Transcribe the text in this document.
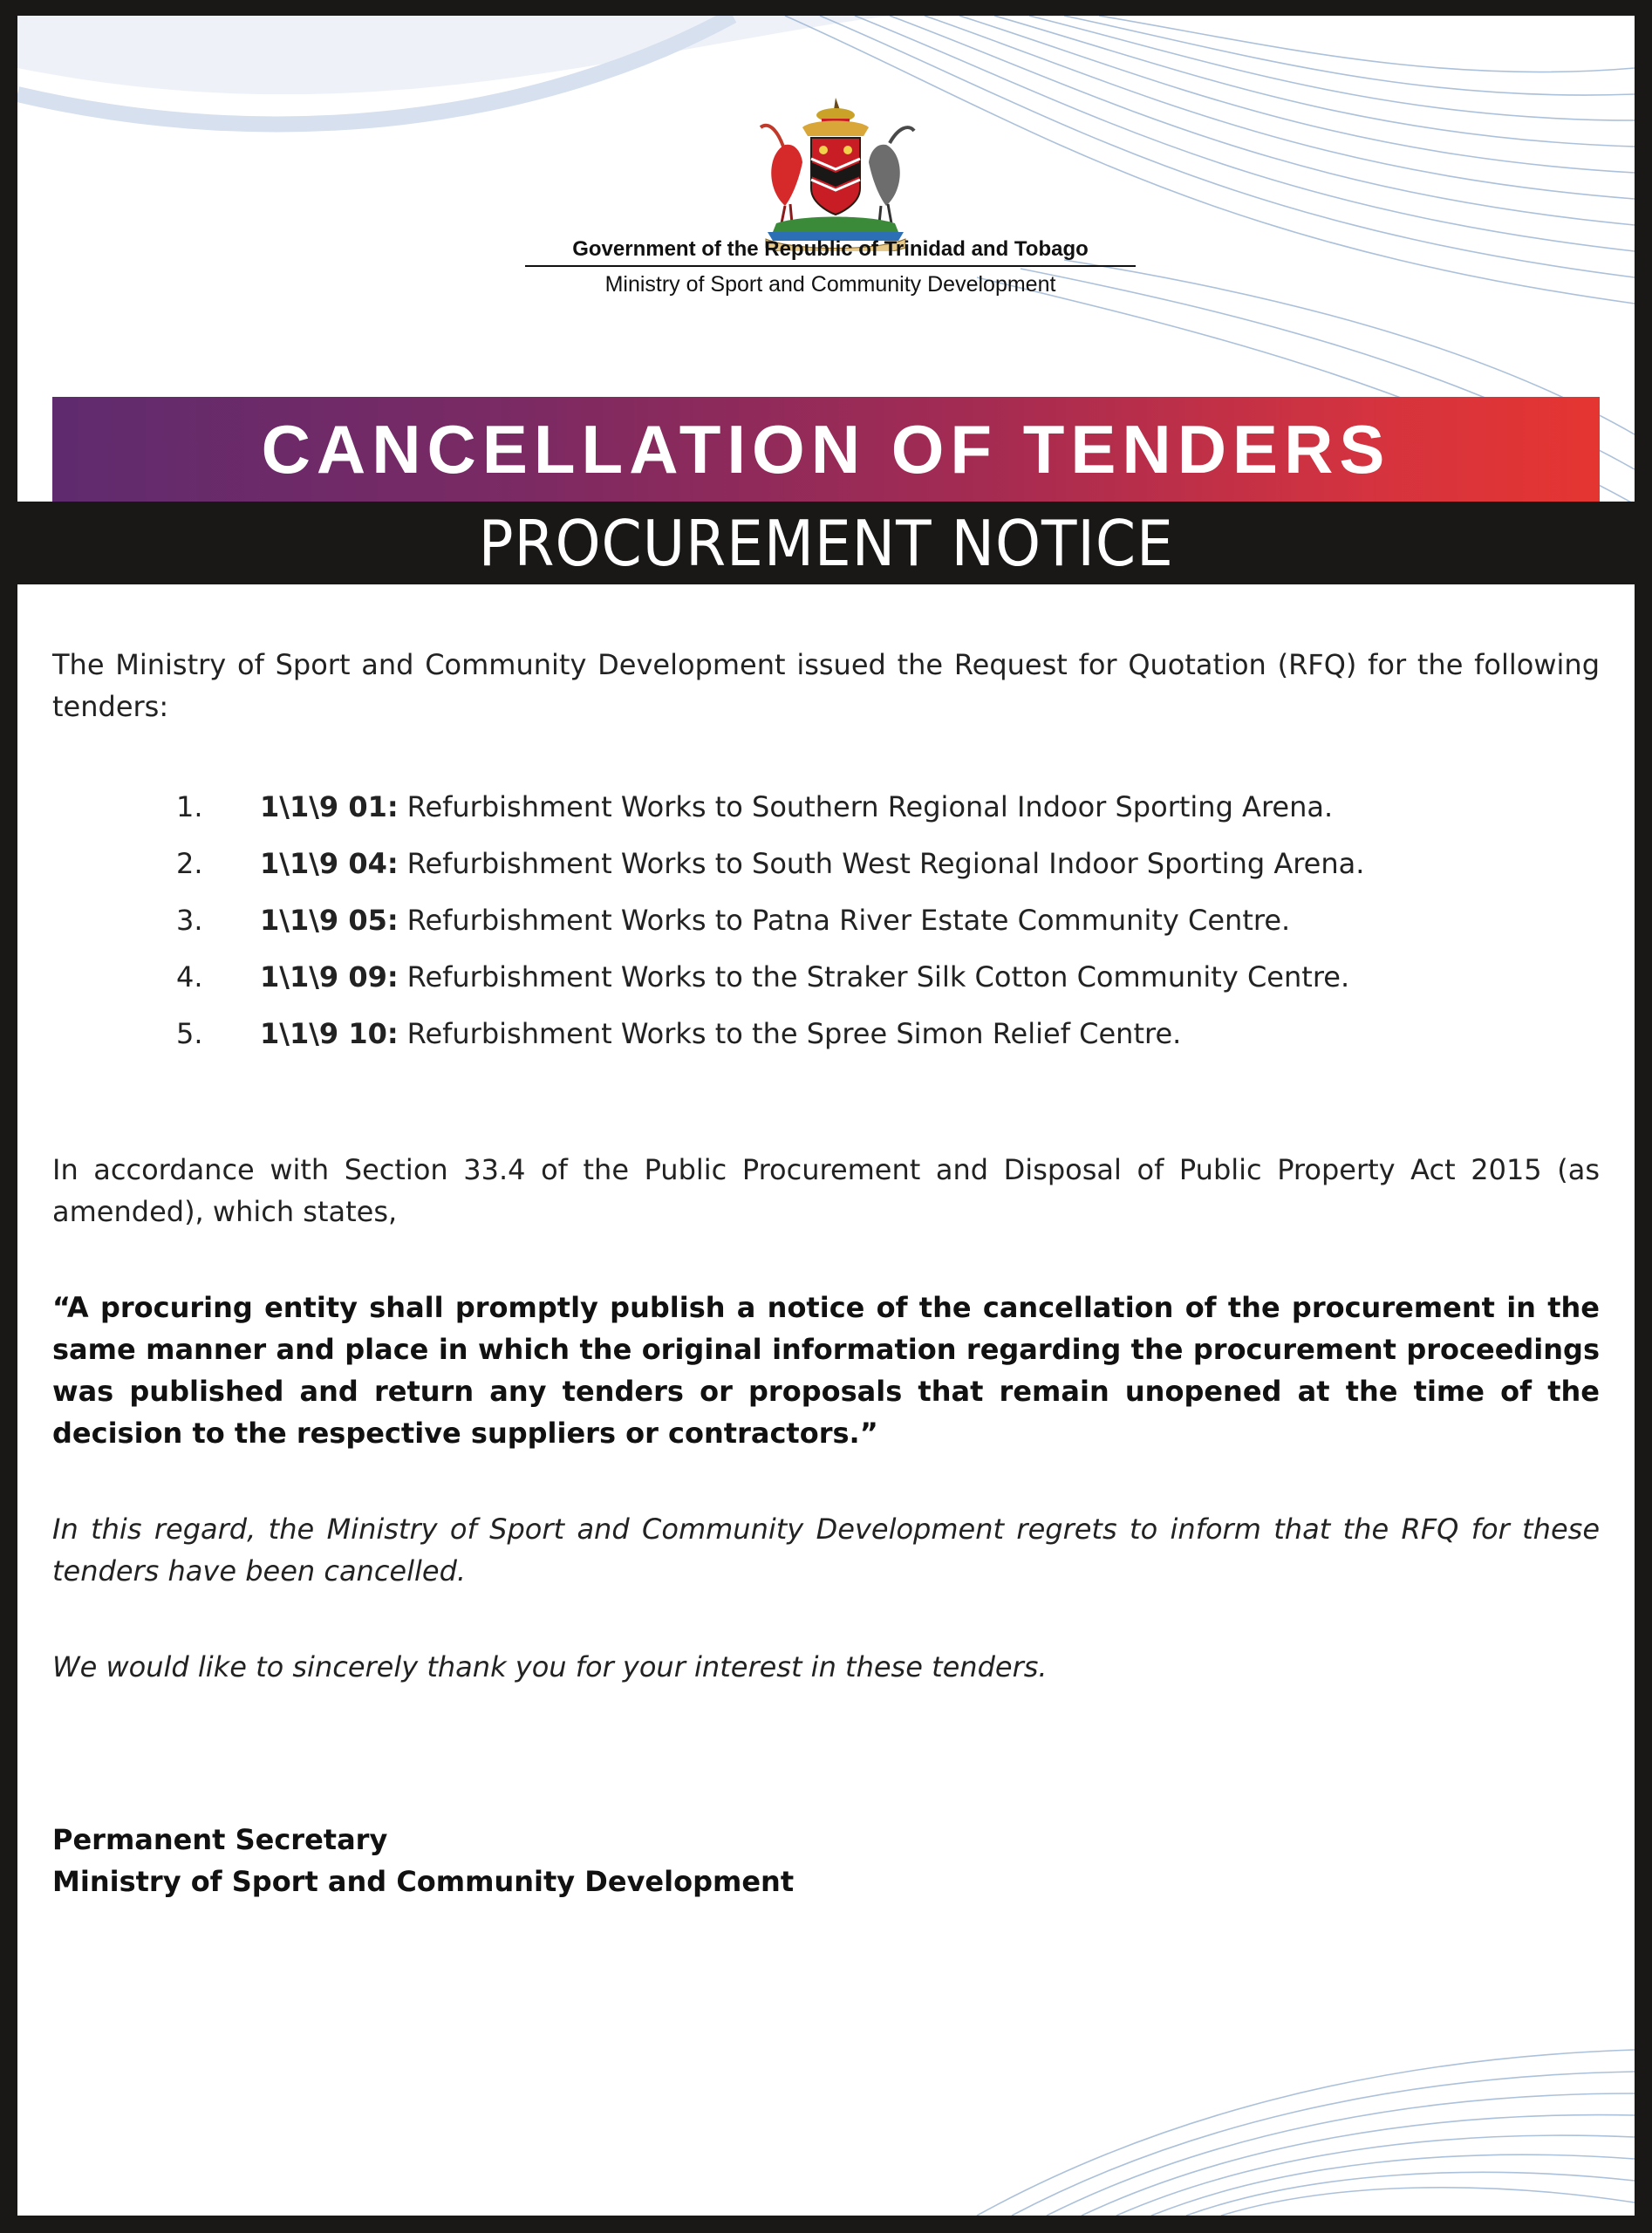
Government of the Republic of Trinidad and Tobago
Ministry of Sport and Community Development
CANCELLATION OF TENDERS
PROCUREMENT NOTICE

The Ministry of Sport and Community Development issued the Request for Quotation (RFQ) for the following tenders:

1.	1\1\9 01: Refurbishment Works to Southern Regional Indoor Sporting Arena.
2.	1\1\9 04: Refurbishment Works to South West Regional Indoor Sporting Arena.
3.	1\1\9 05: Refurbishment Works to Patna River Estate Community Centre.
4.	1\1\9 09: Refurbishment Works to the Straker Silk Cotton Community Centre.
5.	1\1\9 10: Refurbishment Works to the Spree Simon Relief Centre.

In accordance with Section 33.4 of the Public Procurement and Disposal of Public Property Act 2015 (as amended), which states,

“A procuring entity shall promptly publish a notice of the cancellation of the procurement in the same manner and place in which the original information regarding the procurement proceedings was published and return any tenders or proposals that remain unopened at the time of the decision to the respective suppliers or contractors.”

In this regard, the Ministry of Sport and Community Development regrets to inform that the RFQ for these tenders have been cancelled.

We would like to sincerely thank you for your interest in these tenders.

Permanent Secretary
Ministry of Sport and Community Development
